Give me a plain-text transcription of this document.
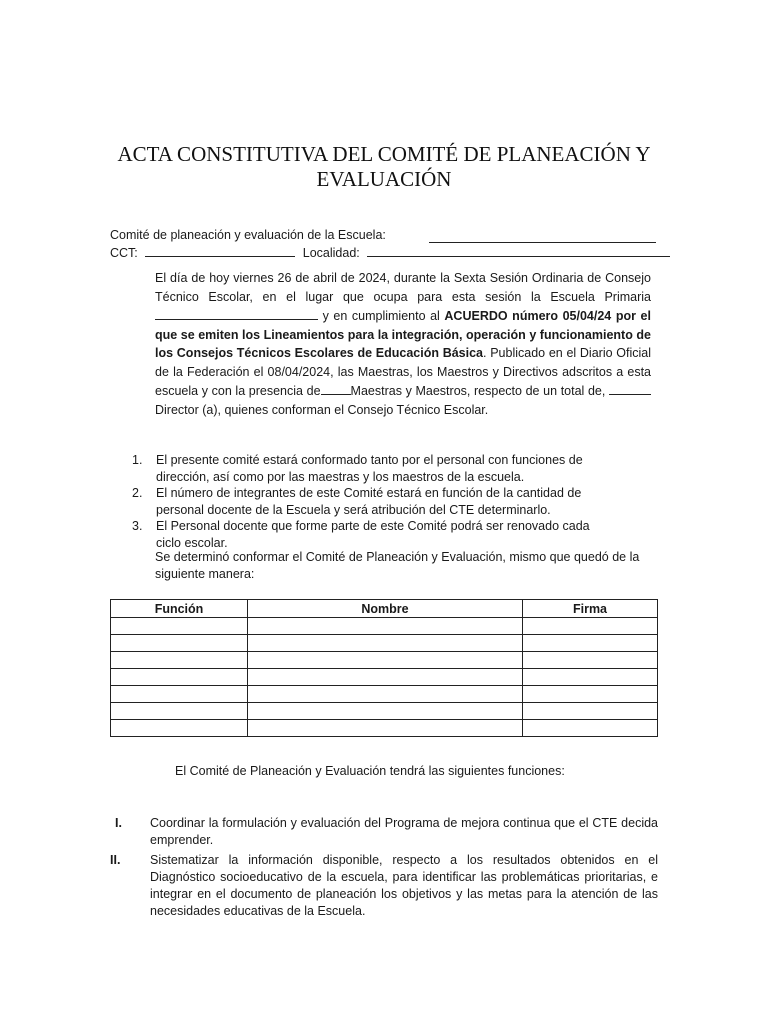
ACTA CONSTITUTIVA DEL COMITÉ DE PLANEACIÓN Y EVALUACIÓN
Comité de planeación y evaluación de la Escuela:
CCT:	Localidad:
El día de hoy viernes 26 de abril de 2024, durante la Sexta Sesión Ordinaria de Consejo Técnico Escolar, en el lugar que ocupa para esta sesión la Escuela Primaria  y en cumplimiento al ACUERDO número 05/04/24 por el que se emiten los Lineamientos para la integración, operación y funcionamiento de los Consejos Técnicos Escolares de Educación Básica. Publicado en el Diario Oficial de la Federación el 08/04/2024, las Maestras, los Maestros y Directivos adscritos a esta escuela y con la presencia de Maestras y Maestros, respecto de un total de,  Director (a), quienes conforman el Consejo Técnico Escolar.
1.	El presente comité estará conformado tanto por el personal con funciones de dirección, así como por las maestras y los maestros de la escuela.
2.	El número de integrantes de este Comité estará en función de la cantidad de personal docente de la Escuela y será atribución del CTE determinarlo.
3.	El Personal docente que forme parte de este Comité podrá ser renovado cada ciclo escolar.
Se determinó conformar el Comité de Planeación y Evaluación, mismo que quedó de la siguiente manera:
Función	Nombre	Firma

El Comité de Planeación y Evaluación tendrá las siguientes funciones:
I.	Coordinar la formulación y evaluación del Programa de mejora continua que el CTE decida emprender.
II.	Sistematizar la información disponible, respecto a los resultados obtenidos en el Diagnóstico socioeducativo de la escuela, para identificar las problemáticas prioritarias, e integrar en el documento de planeación los objetivos y las metas para la atención de las necesidades educativas de la Escuela.
